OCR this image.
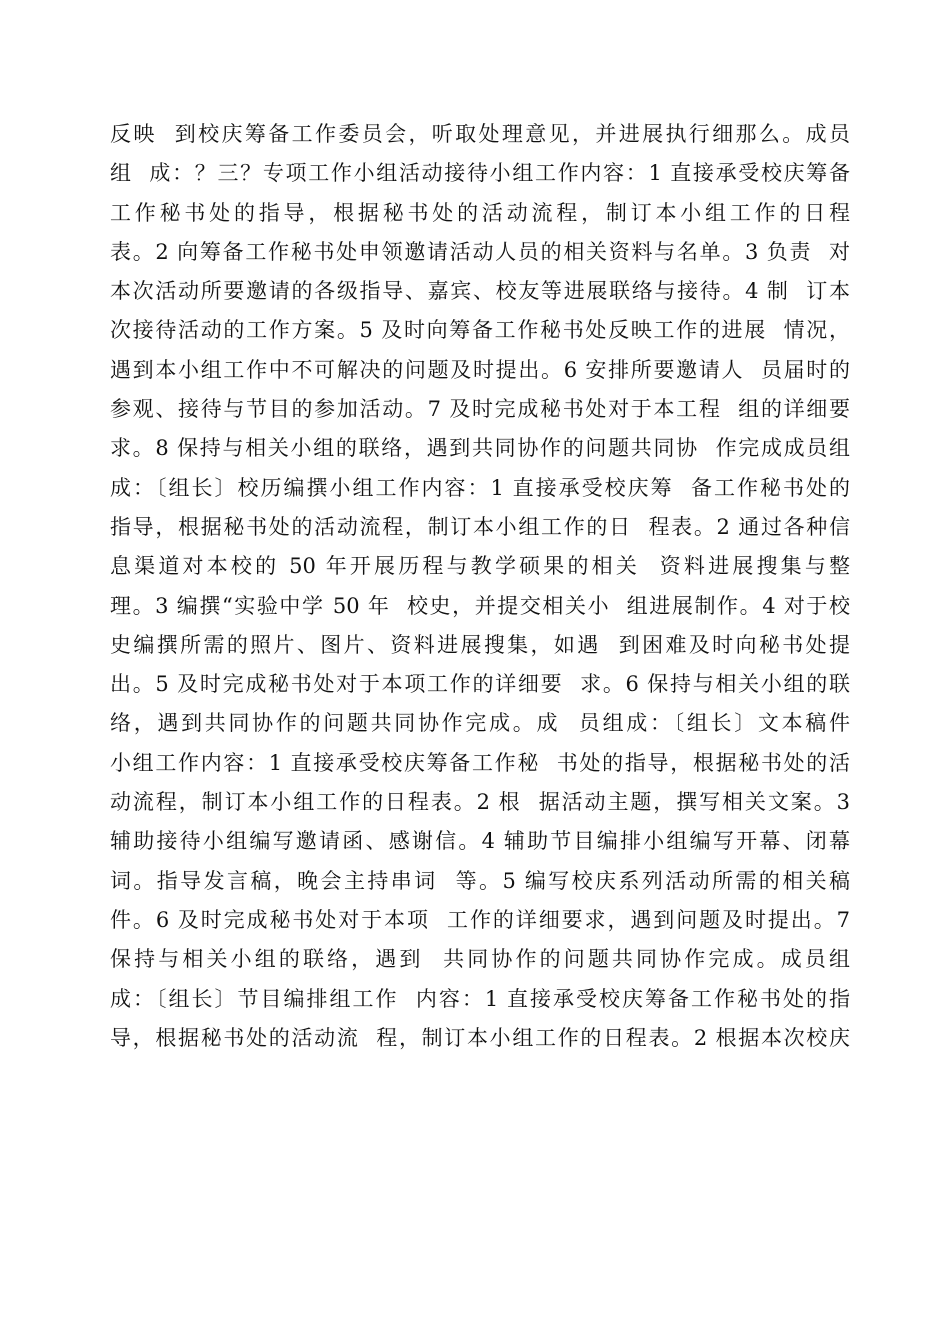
反映  到校庆筹备工作委员会，听取处理意见，并进展执行细那么。成员
组  成：？三？专项工作小组活动接待小组工作内容：1 直接承受校庆筹备
工作秘书处的指导，根据秘书处的活动流程，制订本小组工作的日程
表。2 向筹备工作秘书处申领邀请活动人员的相关资料与名单。3 负责  对
本次活动所要邀请的各级指导、嘉宾、校友等进展联络与接待。4 制  订本
次接待活动的工作方案。5 及时向筹备工作秘书处反映工作的进展  情况，
遇到本小组工作中不可解决的问题及时提出。6 安排所要邀请人  员届时的
参观、接待与节目的参加活动。7 及时完成秘书处对于本工程  组的详细要
求。8 保持与相关小组的联络，遇到共同协作的问题共同协  作完成成员组
成：〔组长〕校历编撰小组工作内容：1 直接承受校庆筹  备工作秘书处的
指导，根据秘书处的活动流程，制订本小组工作的日  程表。2 通过各种信
息渠道对本校的 50 年开展历程与教学硕果的相关  资料进展搜集与整
理。3 编撰“实验中学 50 年  校史，并提交相关小  组进展制作。4 对于校
史编撰所需的照片、图片、资料进展搜集，如遇  到困难及时向秘书处提
出。5 及时完成秘书处对于本项工作的详细要  求。6 保持与相关小组的联
络，遇到共同协作的问题共同协作完成。成  员组成：〔组长〕文本稿件
小组工作内容：1 直接承受校庆筹备工作秘  书处的指导，根据秘书处的活
动流程，制订本小组工作的日程表。2 根  据活动主题，撰写相关文案。3
辅助接待小组编写邀请函、感谢信。4 辅助节目编排小组编写开幕、闭幕
词。指导发言稿，晚会主持串词  等。5 编写校庆系列活动所需的相关稿
件。6 及时完成秘书处对于本项  工作的详细要求，遇到问题及时提出。7
保持与相关小组的联络，遇到  共同协作的问题共同协作完成。成员组
成：〔组长〕节目编排组工作  内容：1 直接承受校庆筹备工作秘书处的指
导，根据秘书处的活动流  程，制订本小组工作的日程表。2 根据本次校庆
